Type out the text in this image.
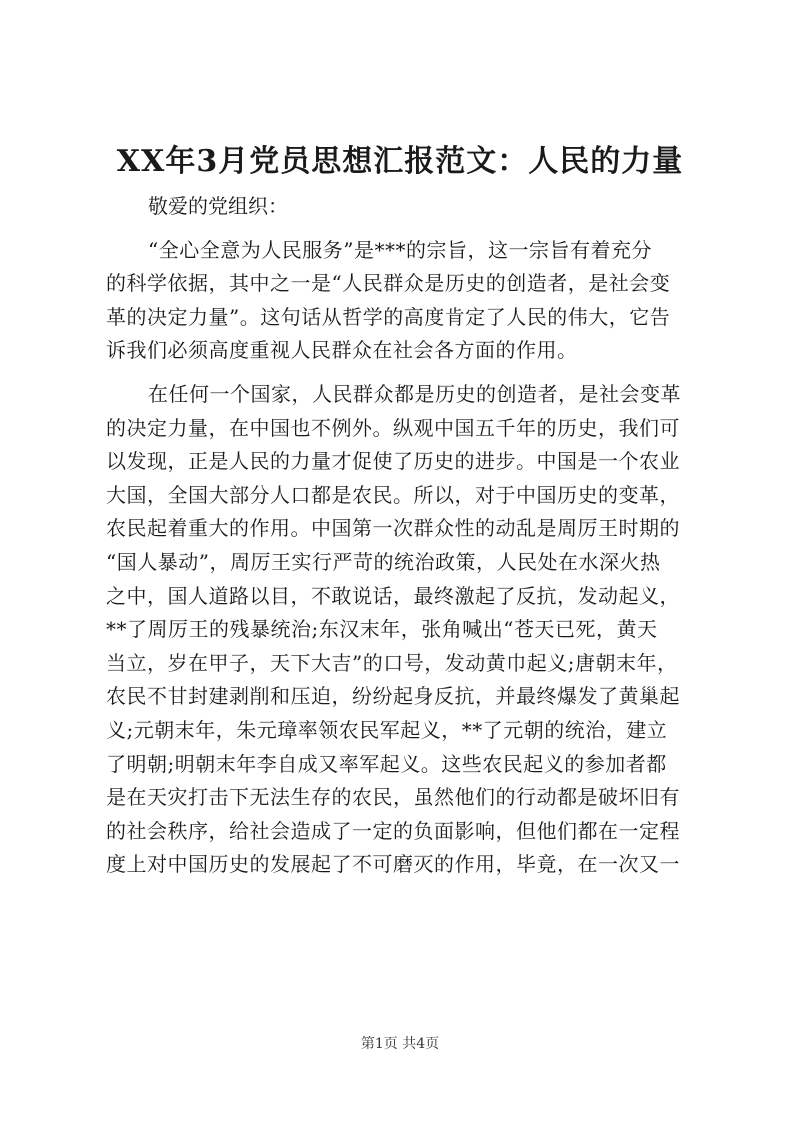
XX年3月党员思想汇报范文：人民的力量

敬爱的党组织：

“全心全意为人民服务”是***的宗旨，这一宗旨有着充分
的科学依据，其中之一是“人民群众是历史的创造者，是社会变
革的决定力量”。这句话从哲学的高度肯定了人民的伟大，它告
诉我们必须高度重视人民群众在社会各方面的作用。

在任何一个国家，人民群众都是历史的创造者，是社会变革
的决定力量，在中国也不例外。纵观中国五千年的历史，我们可
以发现，正是人民的力量才促使了历史的进步。中国是一个农业
大国，全国大部分人口都是农民。所以，对于中国历史的变革，
农民起着重大的作用。中国第一次群众性的动乱是周厉王时期的
“国人暴动”，周厉王实行严苛的统治政策，人民处在水深火热
之中，国人道路以目，不敢说话，最终激起了反抗，发动起义，
**了周厉王的残暴统治;东汉末年，张角喊出“苍天已死，黄天
当立，岁在甲子，天下大吉”的口号，发动黄巾起义;唐朝末年，
农民不甘封建剥削和压迫，纷纷起身反抗，并最终爆发了黄巢起
义;元朝末年，朱元璋率领农民军起义，**了元朝的统治，建立
了明朝;明朝末年李自成又率军起义。这些农民起义的参加者都
是在天灾打击下无法生存的农民，虽然他们的行动都是破坏旧有
的社会秩序，给社会造成了一定的负面影响，但他们都在一定程
度上对中国历史的发展起了不可磨灭的作用，毕竟，在一次又一

第1页 共4页
